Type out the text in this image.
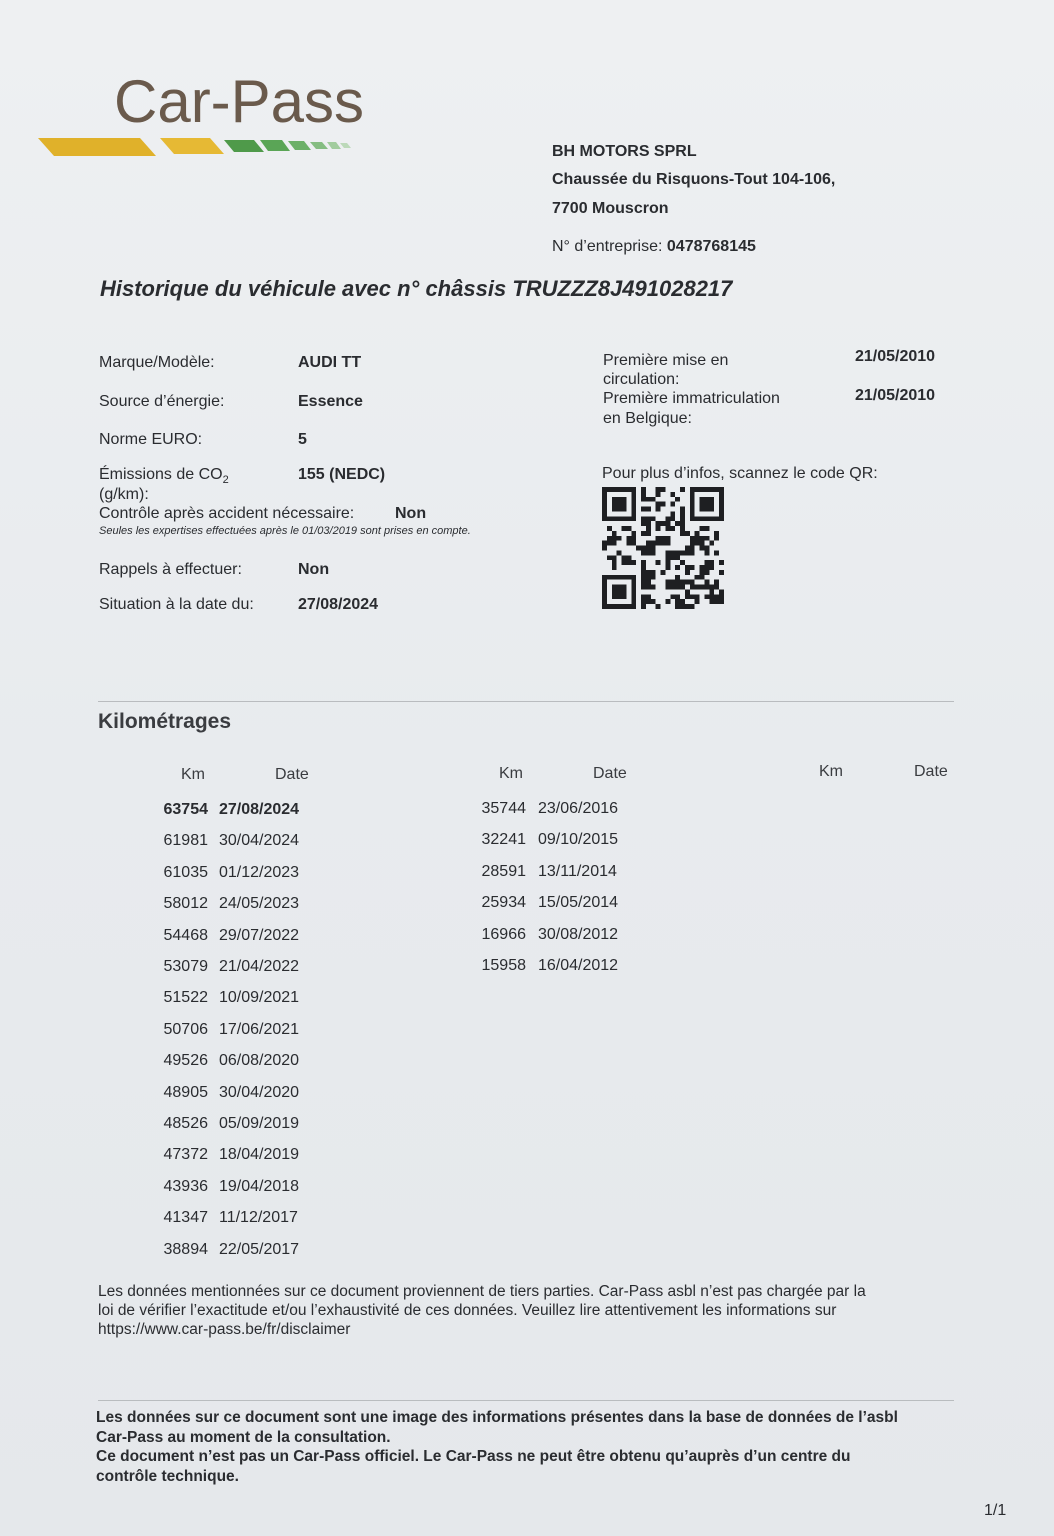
Car-Pass
BH MOTORS SPRL
Chaussée du Risquons-Tout 104-106,
7700 Mouscron
N° d’entreprise: 0478768145
Historique du véhicule avec n° châssis TRUZZZ8J491028217
Marque/Modèle:	AUDI TT
Source d’énergie:	Essence
Norme EURO:	5
Émissions de $CO_2$
(g/km):
155 (NEDC)
Contrôle après accident nécessaire:	Non
Seules les expertises effectuées après le 01/03/2019 sont prises en compte.
Rappels à effectuer:	Non
Situation à la date du:	27/08/2024
Première mise en
circulation:
21/05/2010
Première immatriculation
en Belgique:
21/05/2010
Pour plus d’infos, scannez le code QR:
Kilométrages
Km	Date	Km	Date	Km	Date
63754 27/08/2024
61981 30/04/2024
61035 01/12/2023
58012 24/05/2023
54468 29/07/2022
53079 21/04/2022
51522 10/09/2021
50706 17/06/2021
49526 06/08/2020
48905 30/04/2020
48526 05/09/2019
47372 18/04/2019
43936 19/04/2018
41347 11/12/2017
38894 22/05/2017
35744 23/06/2016
32241 09/10/2015
28591 13/11/2014
25934 15/05/2014
16966 30/08/2012
15958 16/04/2012
Les données mentionnées sur ce document proviennent de tiers parties. Car-Pass asbl n’est pas chargée par la
loi de vérifier l’exactitude et/ou l’exhaustivité de ces données. Veuillez lire attentivement les informations sur
https://www.car-pass.be/fr/disclaimer
Les données sur ce document sont une image des informations présentes dans la base de données de l’asbl
Car-Pass au moment de la consultation.
Ce document n’est pas un Car-Pass officiel. Le Car-Pass ne peut être obtenu qu’auprès d’un centre du
contrôle technique.
1/1
